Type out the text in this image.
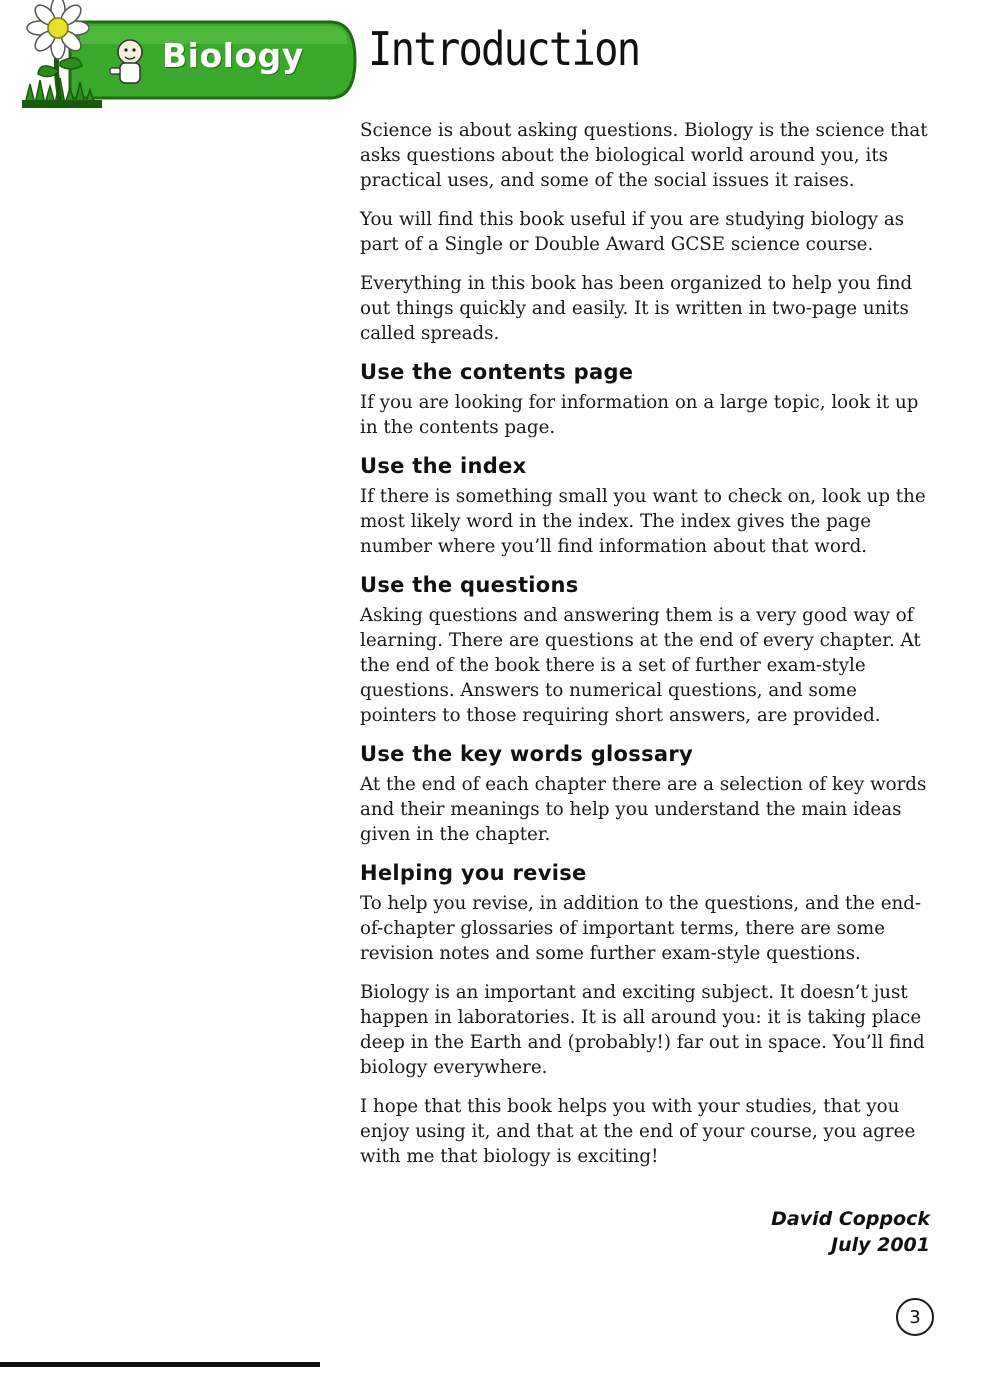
Biology Introduction

Science is about asking questions. Biology is the science that asks questions about the biological world around you, its practical uses, and some of the social issues it raises.

You will find this book useful if you are studying biology as part of a Single or Double Award GCSE science course.

Everything in this book has been organized to help you find out things quickly and easily. It is written in two-page units called spreads.

Use the contents page

If you are looking for information on a large topic, look it up in the contents page.

Use the index

If there is something small you want to check on, look up the most likely word in the index. The index gives the page number where you’ll find information about that word.

Use the questions

Asking questions and answering them is a very good way of learning. There are questions at the end of every chapter. At the end of the book there is a set of further exam-style questions. Answers to numerical questions, and some pointers to those requiring short answers, are provided.

Use the key words glossary

At the end of each chapter there are a selection of key words and their meanings to help you understand the main ideas given in the chapter.

Helping you revise

To help you revise, in addition to the questions, and the end-of-chapter glossaries of important terms, there are some revision notes and some further exam-style questions.

Biology is an important and exciting subject. It doesn’t just happen in laboratories. It is all around you: it is taking place deep in the Earth and (probably!) far out in space. You’ll find biology everywhere.

I hope that this book helps you with your studies, that you enjoy using it, and that at the end of your course, you agree with me that biology is exciting!

David Coppock
July 2001
3
